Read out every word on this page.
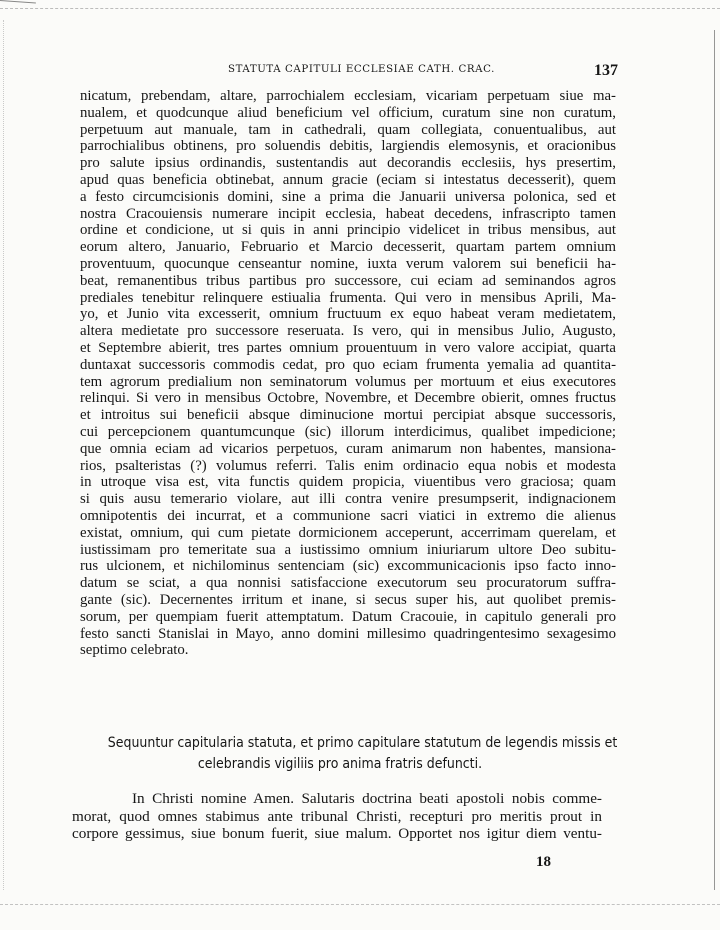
STATUTA CAPITULI ECCLESIAE CATH. CRAC.	137
nicatum, prebendam, altare, parrochialem ecclesiam, vicariam perpetuam siue ma-
nualem, et quodcunque aliud beneficium vel officium, curatum sine non curatum,
perpetuum aut manuale, tam in cathedrali, quam collegiata, conuentualibus, aut
parrochialibus obtinens, pro soluendis debitis, largiendis elemosynis, et oracionibus
pro salute ipsius ordinandis, sustentandis aut decorandis ecclesiis, hys presertim,
apud quas beneficia obtinebat, annum gracie (eciam si intestatus decesserit), quem
a festo circumcisionis domini, sine a prima die Januarii universa polonica, sed et
nostra Cracouiensis numerare incipit ecclesia, habeat decedens, infrascripto tamen
ordine et condicione, ut si quis in anni principio videlicet in tribus mensibus, aut
eorum altero, Januario, Februario et Marcio decesserit, quartam partem omnium
proventuum, quocunque censeantur nomine, iuxta verum valorem sui beneficii ha-
beat, remanentibus tribus partibus pro successore, cui eciam ad seminandos agros
prediales tenebitur relinquere estiualia frumenta. Qui vero in mensibus Aprili, Ma-
yo, et Junio vita excesserit, omnium fructuum ex equo habeat veram medietatem,
altera medietate pro successore reseruata. Is vero, qui in mensibus Julio, Augusto,
et Septembre abierit, tres partes omnium prouentuum in vero valore accipiat, quarta
duntaxat successoris commodis cedat, pro quo eciam frumenta yemalia ad quantita-
tem agrorum predialium non seminatorum volumus per mortuum et eius executores
relinqui. Si vero in mensibus Octobre, Novembre, et Decembre obierit, omnes fructus
et introitus sui beneficii absque diminucione mortui percipiat absque successoris,
cui percepcionem quantumcunque (sic) illorum interdicimus, qualibet impedicione;
que omnia eciam ad vicarios perpetuos, curam animarum non habentes, mansiona-
rios, psalteristas (?) volumus referri. Talis enim ordinacio equa nobis et modesta
in utroque visa est, vita functis quidem propicia, viuentibus vero graciosa; quam
si quis ausu temerario violare, aut illi contra venire presumpserit, indignacionem
omnipotentis dei incurrat, et a communione sacri viatici in extremo die alienus
existat, omnium, qui cum pietate dormicionem acceperunt, accerrimam querelam, et
iustissimam pro temeritate sua a iustissimo omnium iniuriarum ultore Deo subitu-
rus ulcionem, et nichilominus sentenciam (sic) excommunicacionis ipso facto inno-
datum se sciat, a qua nonnisi satisfaccione executorum seu procuratorum suffra-
gante (sic). Decernentes irritum et inane, si secus super his, aut quolibet premis-
sorum, per quempiam fuerit attemptatum. Datum Cracouie, in capitulo generali pro
festo sancti Stanislai in Mayo, anno domini millesimo quadringentesimo sexagesimo
septimo celebrato.
Sequuntur capitularia statuta, et primo capitulare statutum de legendis missis et
celebrandis vigiliis pro anima fratris defuncti.
In Christi nomine Amen. Salutaris doctrina beati apostoli nobis comme-
morat, quod omnes stabimus ante tribunal Christi, recepturi pro meritis prout in
corpore gessimus, siue bonum fuerit, siue malum. Opportet nos igitur diem ventu-
18
